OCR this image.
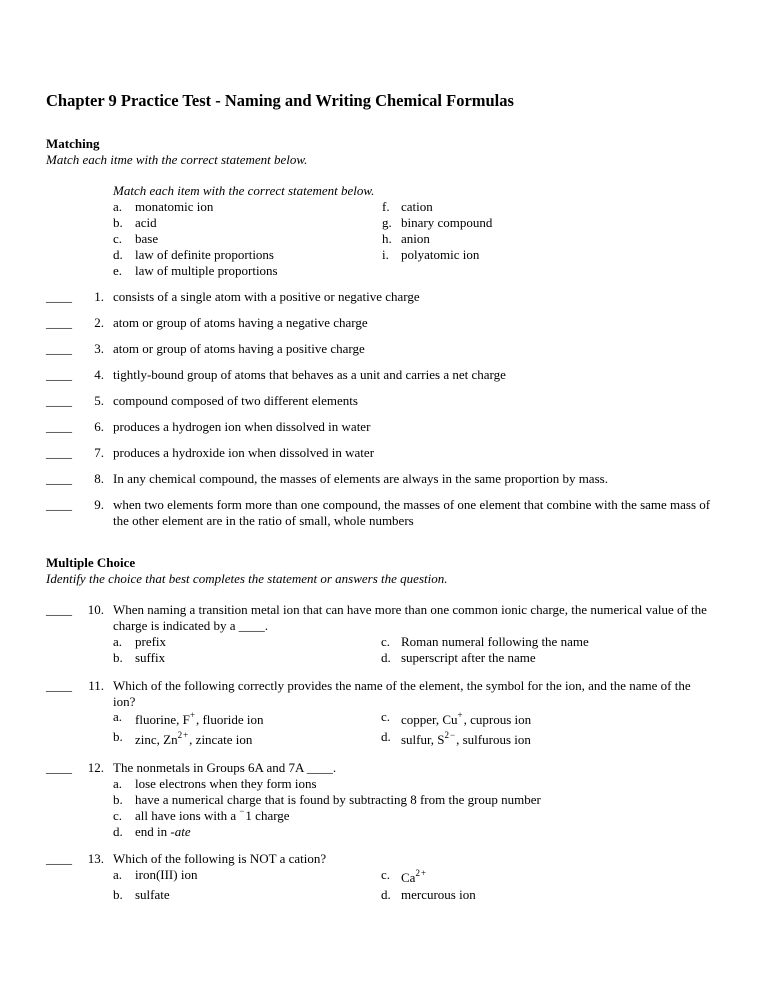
Chapter 9 Practice Test - Naming and Writing Chemical Formulas
Matching
Match each itme with the correct statement below.
Match each item with the correct statement below.
a. monatomic ion
b. acid
c. base
d. law of definite proportions
e. law of multiple proportions
f. cation
g. binary compound
h. anion
i. polyatomic ion
____	1. consists of a single atom with a positive or negative charge
____	2. atom or group of atoms having a negative charge
____	3. atom or group of atoms having a positive charge
____	4. tightly-bound group of atoms that behaves as a unit and carries a net charge
____	5. compound composed of two different elements
____	6. produces a hydrogen ion when dissolved in water
____	7. produces a hydroxide ion when dissolved in water
____	8. In any chemical compound, the masses of elements are always in the same proportion by mass.
____	9. when two elements form more than one compound, the masses of one element that combine with the same mass of the other element are in the ratio of small, whole numbers
Multiple Choice
Identify the choice that best completes the statement or answers the question.
____	10. When naming a transition metal ion that can have more than one common ionic charge, the numerical value of the charge is indicated by a ____.
a. prefix
b. suffix
c. Roman numeral following the name
d. superscript after the name
____	11. Which of the following correctly provides the name of the element, the symbol for the ion, and the name of the ion?
a. fluorine, F+, fluoride ion
b. zinc, $Zn^{2+}$, zincate ion
c. copper, Cu+, cuprous ion
d. sulfur, $S^{2-}$, sulfurous ion
____	12. The nonmetals in Groups 6A and 7A ____.
a. lose electrons when they form ions
b. have a numerical charge that is found by subtracting 8 from the group number
c. all have ions with a −1 charge
d. end in -ate
____	13. Which of the following is NOT a cation?
a. iron(III) ion
b. sulfate
c. $Ca^{2+}$
d. mercurous ion
